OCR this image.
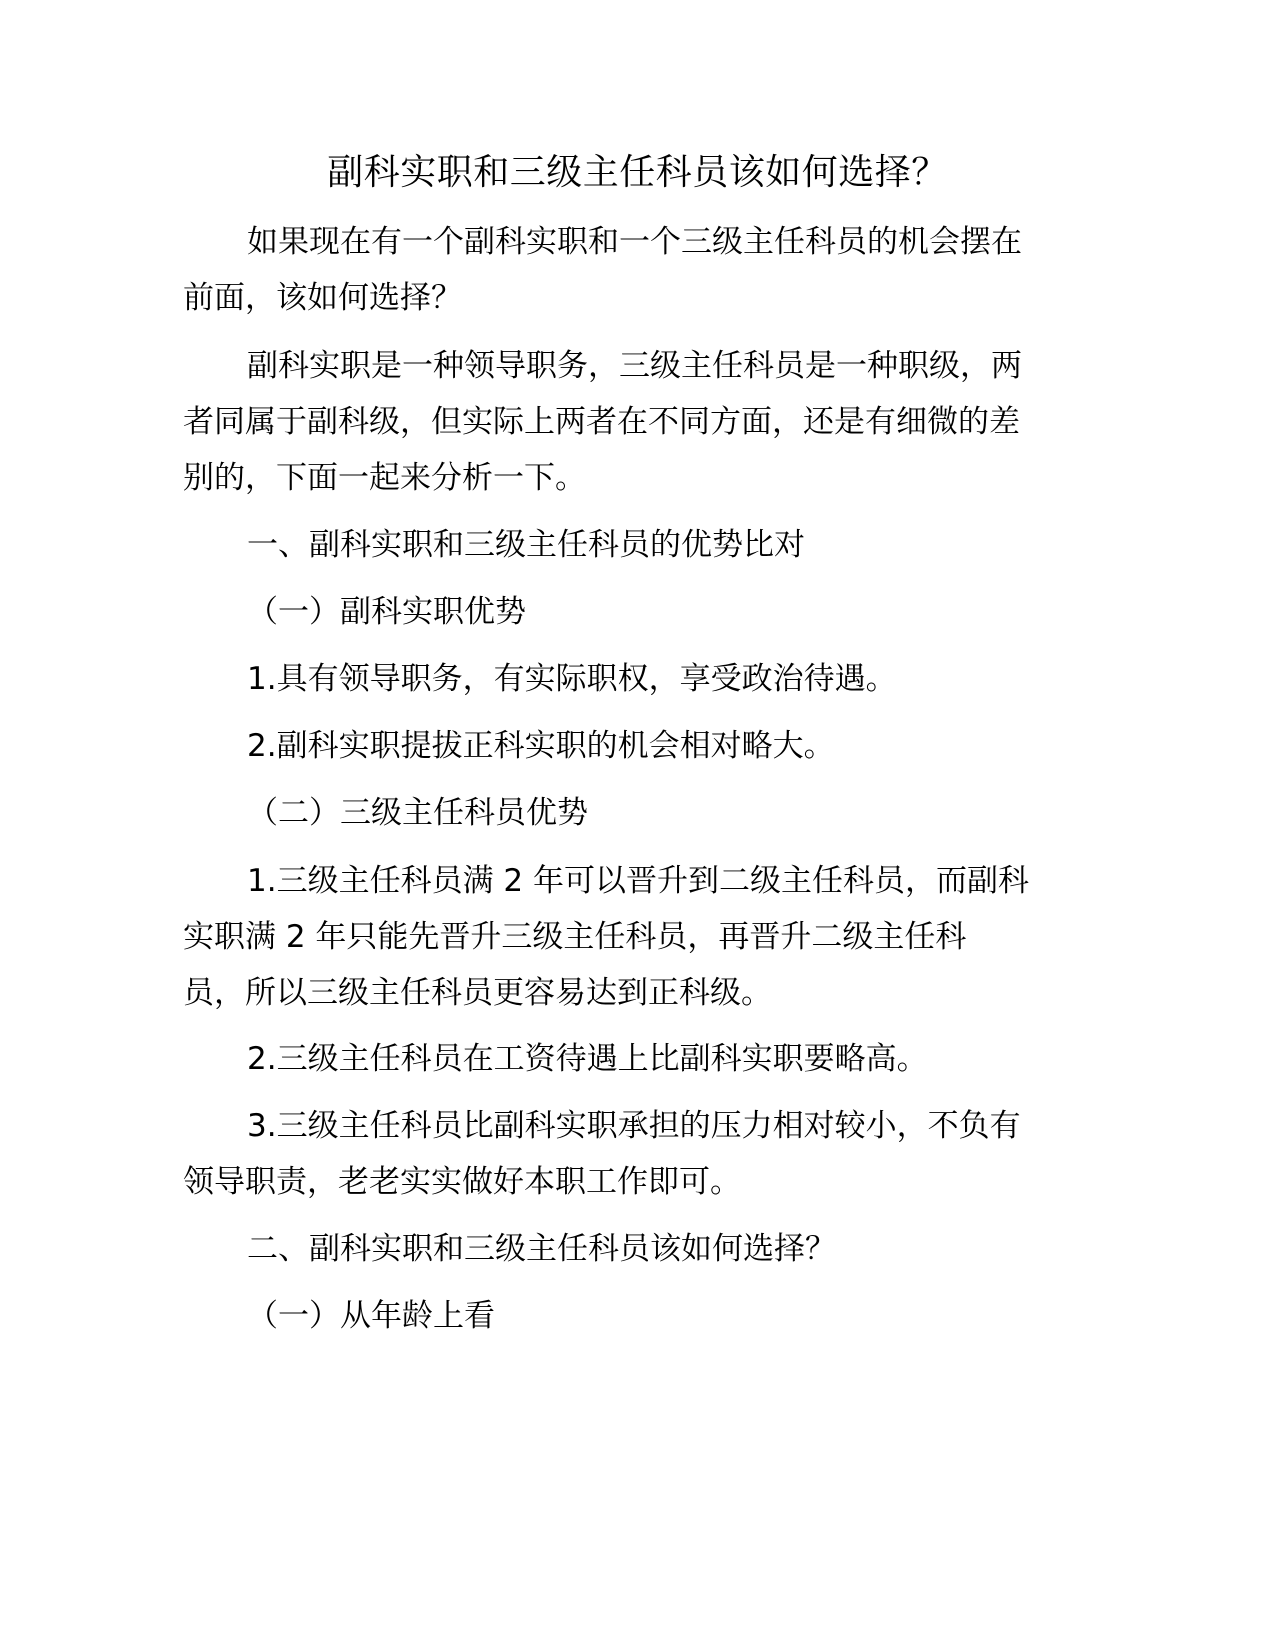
副科实职和三级主任科员该如何选择？
如果现在有一个副科实职和一个三级主任科员的机会摆在
前面，该如何选择？
副科实职是一种领导职务，三级主任科员是一种职级，两
者同属于副科级，但实际上两者在不同方面，还是有细微的差
别的，下面一起来分析一下。
一、副科实职和三级主任科员的优势比对
（一）副科实职优势
1.具有领导职务，有实际职权，享受政治待遇。
2.副科实职提拔正科实职的机会相对略大。
（二）三级主任科员优势
1.三级主任科员满 2 年可以晋升到二级主任科员，而副科
实职满 2 年只能先晋升三级主任科员，再晋升二级主任科
员，所以三级主任科员更容易达到正科级。
2.三级主任科员在工资待遇上比副科实职要略高。
3.三级主任科员比副科实职承担的压力相对较小，不负有
领导职责，老老实实做好本职工作即可。
二、副科实职和三级主任科员该如何选择？
（一）从年龄上看
